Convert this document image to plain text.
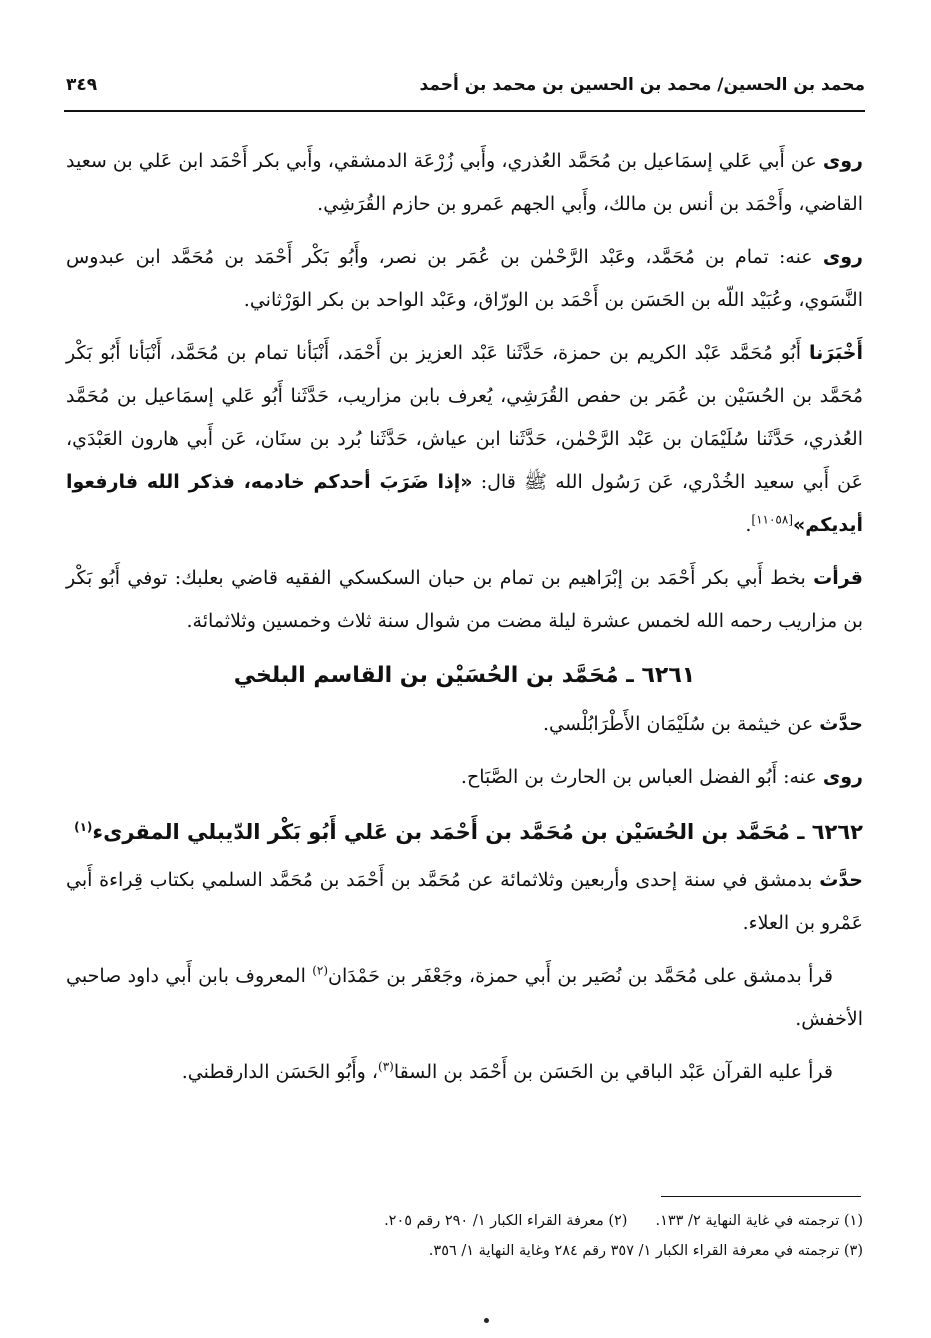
محمد بن الحسين/ محمد بن الحسين بن محمد بن أحمد
٣٤٩

روى عن أَبي عَلي إسمَاعيل بن مُحَمَّد العُذري، وأَبي زُرْعَة الدمشقي، وأَبي بكر أَحْمَد ابن عَلي بن سعيد القاضي، وأَحْمَد بن أنس بن مالك، وأَبي الجهم عَمرو بن حازم القُرَشِي.

روى عنه: تمام بن مُحَمَّد، وعَبْد الرَّحْمٰن بن عُمَر بن نصر، وأَبُو بَكْر أَحْمَد بن مُحَمَّد ابن عبدوس النَّسَوي، وعُبَيْد اللّه بن الحَسَن بن أَحْمَد بن الورّاق، وعَبْد الواحد بن بكر الوَرْثاني.

أَخْبَرَنا أَبُو مُحَمَّد عَبْد الكريم بن حمزة، حَدَّثَنا عَبْد العزيز بن أَحْمَد، أَنْبَأنا تمام بن مُحَمَّد، أَنْبَأنا أَبُو بَكْر مُحَمَّد بن الحُسَيْن بن عُمَر بن حفص القُرَشِي، يُعرف بابن مزاريب، حَدَّثَنا أَبُو عَلي إسمَاعيل بن مُحَمَّد العُذري، حَدَّثَنا سُلَيْمَان بن عَبْد الرَّحْمٰن، حَدَّثَنا ابن عياش، حَدَّثَنا بُرد بن سنَان، عَن أَبي هارون العَبْدَي، عَن أَبي سعيد الخُدْري، عَن رَسُول الله ﷺ قال: «إذا ضَرَبَ أحدكم خادمه، فذكر الله فارفعوا أيديكم»[١١٠٥٨].

قرأت بخط أَبي بكر أَحْمَد بن إبْرَاهيم بن تمام بن حبان السكسكي الفقيه قاضي بعلبك: توفي أَبُو بَكْر بن مزاريب رحمه الله لخمس عشرة ليلة مضت من شوال سنة ثلاث وخمسين وثلاثمائة.

٦٢٦١ ـ مُحَمَّد بن الحُسَيْن بن القاسم البلخي

حدَّث عن خيثمة بن سُلَيْمَان الأَطْرَابُلْسي.

روى عنه: أَبُو الفضل العباس بن الحارث بن الصَّبَاح.

٦٢٦٢ ـ مُحَمَّد بن الحُسَيْن بن مُحَمَّد بن أَحْمَد بن عَلي أَبُو بَكْر الدّيبلي المقرىء$^{(١)}$

حدَّث بدمشق في سنة إحدى وأربعين وثلاثمائة عن مُحَمَّد بن أَحْمَد بن مُحَمَّد السلمي بكتاب قِراءة أَبي عَمْرو بن العلاء.

قرأ بدمشق على مُحَمَّد بن نُصَير بن أَبي حمزة، وجَعْفَر بن حَمْدَان$^{(٢)}$ المعروف بابن أَبي داود صاحبي الأخفش.

قرأ عليه القرآن عَبْد الباقي بن الحَسَن بن أَحْمَد بن السقا$^{(٣)}$، وأَبُو الحَسَن الدارقطني.

(١) ترجمته في غاية النهاية ٢/ ١٣٣.
(٢) معرفة القراء الكبار ١/ ٢٩٠ رقم ٢٠٥.
(٣) ترجمته في معرفة القراء الكبار ١/ ٣٥٧ رقم ٢٨٤ وغاية النهاية ١/ ٣٥٦.
